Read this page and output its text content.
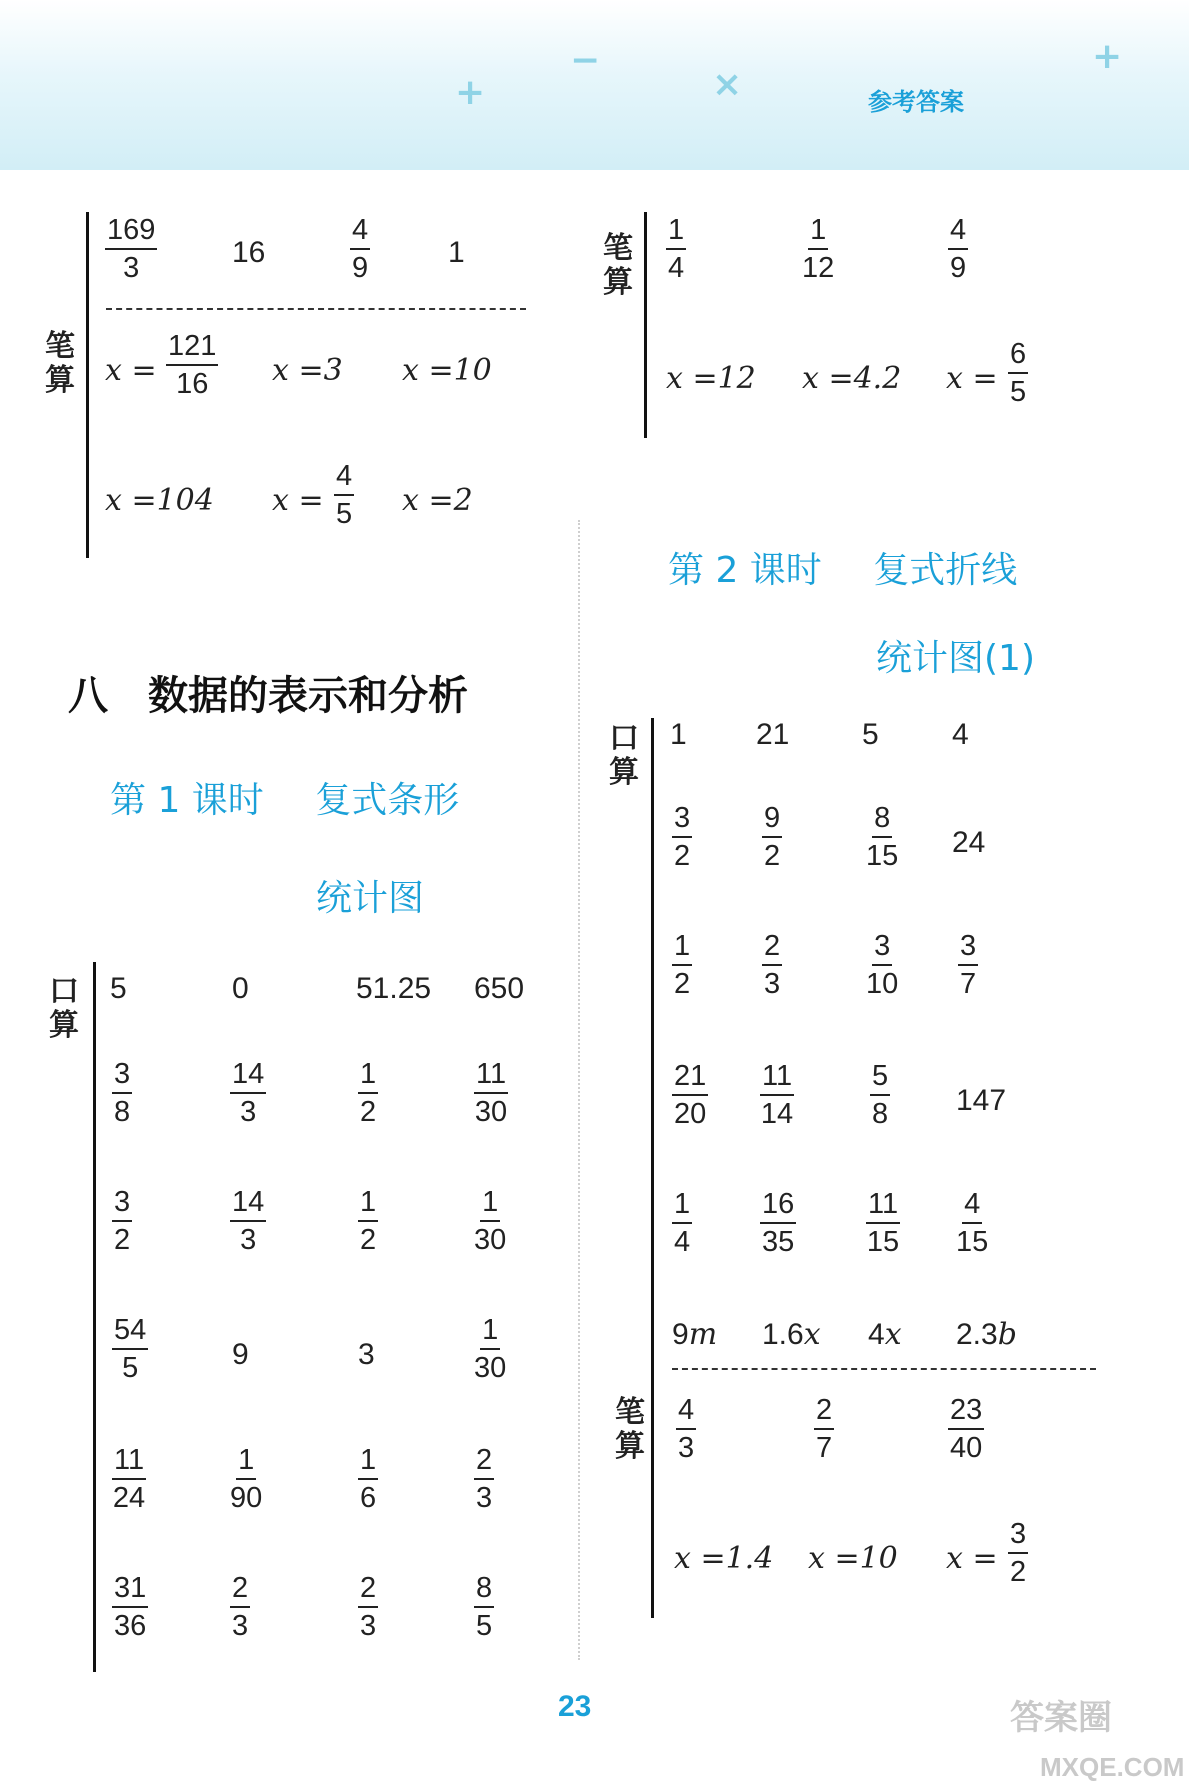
+
−
×
+
参考答案
笔算
$\frac{169}{3} 16$	$\frac{4}{9}$	1
$x = \frac{121}{16}$ x =3 x =10
x =104 $x = \frac{4}{5}$ x =2
八 数据的表示和分析
第 1 课时 复式条形
统计图
口算
5	0	51.25 650
$\frac{3}{8}$	$\frac{14}{3}$	$\frac{1}{2}$	$\frac{11}{30}$
$\frac{3}{2}$	$\frac{14}{3}$	$\frac{1}{2}$	$\frac{1}{30}$
$\frac{54}{5}$	9	3	$\frac{1}{30}$
$\frac{11}{24}$	$\frac{1}{90}$	$\frac{1}{6}$	$\frac{2}{3}$
$\frac{31}{36}$	$\frac{2}{3}$	$\frac{2}{3}$	$\frac{8}{5}$
笔算 $\frac{1}{4}$	$\frac{1}{12}$	$\frac{4}{9}$
x =12 x =4.2 $x = \frac{6}{5}$
第 2 课时 复式折线
统计图(1)
口算
1 21 5 4
$\frac{3}{2} \frac{9}{2}$	$\frac{8}{15} 24$
$\frac{1}{2} \frac{2}{3}$	$\frac{3}{10} \frac{3}{7}$
$\frac{21}{20} \frac{11}{14}$	$\frac{5}{8} 147$
$\frac{1}{4} \frac{16}{35} \frac{11}{15} \frac{4}{15}$
9m 1.6x 4x 2.3b
笔算 $\frac{4}{3}$	$\frac{2}{7}$	$\frac{23}{40}$
x =1.4 x =10 $x = \frac{3}{2}$
23	答案圈
MXQE.COM
